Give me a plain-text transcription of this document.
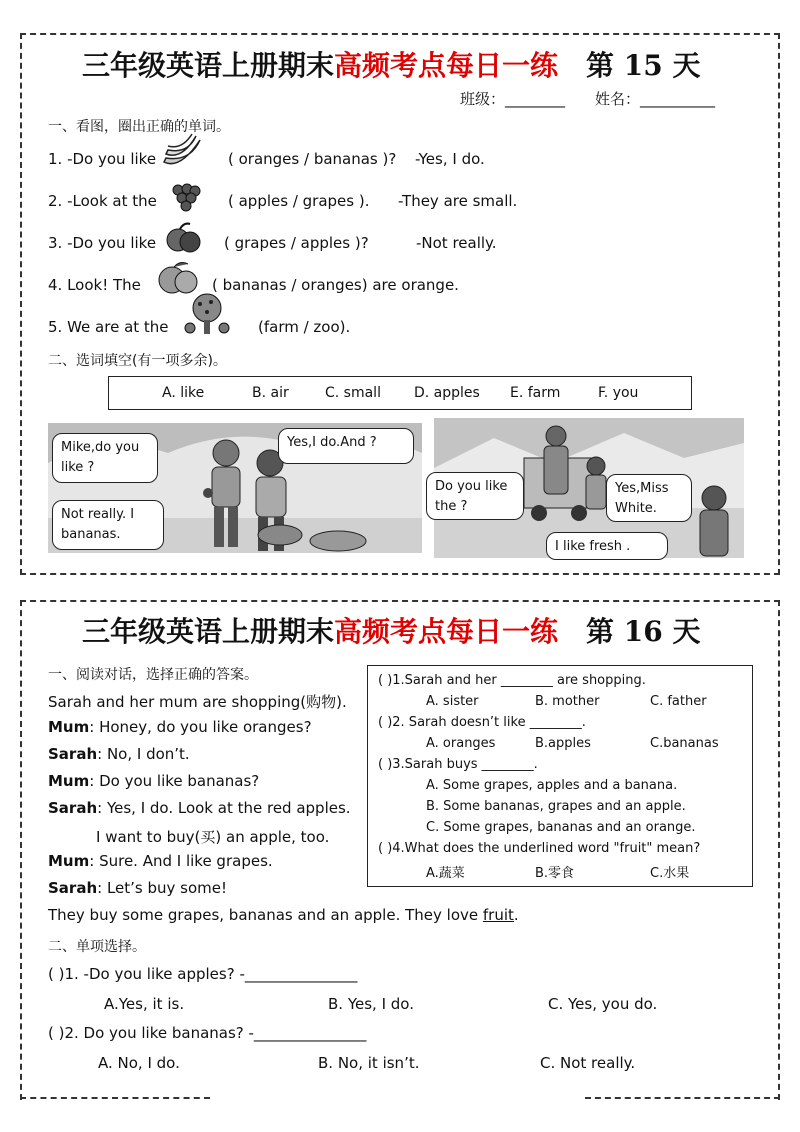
三年级英语上册期末高频考点每日一练 第 15 天
班级：________ 姓名：__________
一、看图，圈出正确的单词。
1. -Do you like	( oranges / bananas )? -Yes, I do.
2. -Look at the	( apples / grapes ). -They are small.
3. -Do you like	( grapes / apples )?	-Not really.
4. Look! The	( bananas / oranges) are orange.
5. We are at the	(farm / zoo).
二、选词填空(有一项多余)。
A. like	B. air	C. small D. apples E. farm	F. you
Mike,do you like ?
Not really. I bananas.
Yes,I do.And ?
Do you like the ?
Yes,Miss White.
I like fresh .
三年级英语上册期末高频考点每日一练 第 16 天
一、阅读对话，选择正确的答案。
Sarah and her mum are shopping(购物).
Mum: Honey, do you like oranges?
Sarah: No, I don’t.
Mum: Do you like bananas?
Sarah: Yes, I do. Look at the red apples.
I want to buy(买) an apple, too.
Mum: Sure. And I like grapes.
Sarah: Let’s buy some!
They buy some grapes, bananas and an apple. They love fruit.
( )1.Sarah and her ________ are shopping.
A. sister	B. mother	C. father
( )2. Sarah doesn’t like ________.
A. oranges	B.apples	C.bananas
( )3.Sarah buys ________.
A. Some grapes, apples and a banana.
B. Some bananas, grapes and an apple.
C. Some grapes, bananas and an orange.
( )4.What does the underlined word "fruit" mean?
A.蔬菜	B.零食	C.水果
二、单项选择。
( )1. -Do you like apples? -_______________
A.Yes, it is.	B. Yes, I do.	C. Yes, you do.
( )2. Do you like bananas? -_______________
A. No, I do.	B. No, it isn’t.	C. Not really.
